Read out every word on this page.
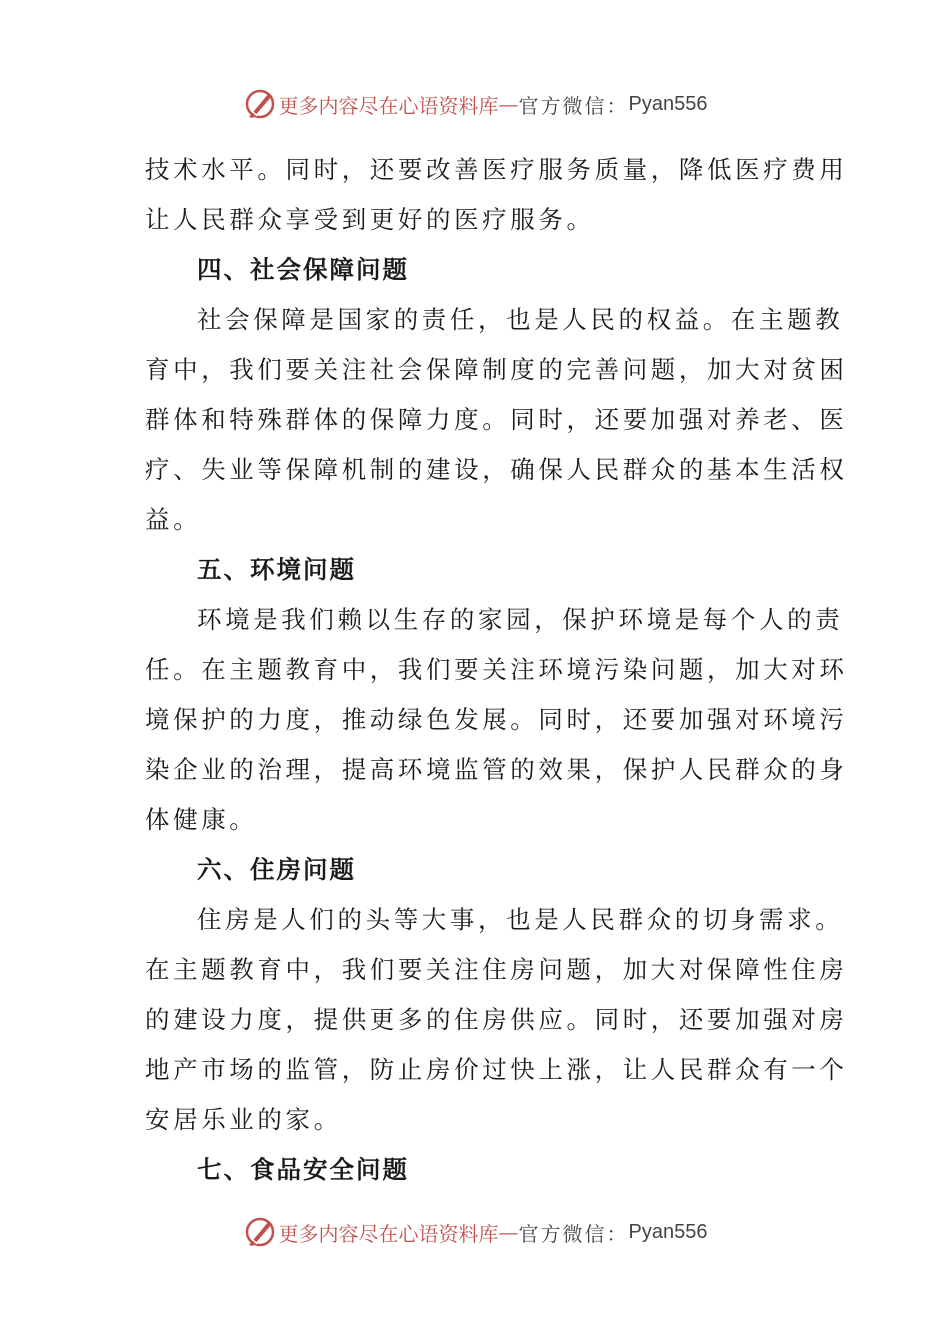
更多内容尽在心语资料库 — 官方微信： Pyan556
技术水平。同时，还要改善医疗服务质量，降低医疗费用
让人民群众享受到更好的医疗服务。
四、社会保障问题
社会保障是国家的责任，也是人民的权益。在主题教
育中，我们要关注社会保障制度的完善问题，加大对贫困
群体和特殊群体的保障力度。同时，还要加强对养老、医
疗、失业等保障机制的建设，确保人民群众的基本生活权
益。
五、环境问题
环境是我们赖以生存的家园，保护环境是每个人的责
任。在主题教育中，我们要关注环境污染问题，加大对环
境保护的力度，推动绿色发展。同时，还要加强对环境污
染企业的治理，提高环境监管的效果，保护人民群众的身
体健康。
六、住房问题
住房是人们的头等大事，也是人民群众的切身需求。
在主题教育中，我们要关注住房问题，加大对保障性住房
的建设力度，提供更多的住房供应。同时，还要加强对房
地产市场的监管，防止房价过快上涨，让人民群众有一个
安居乐业的家。
七、食品安全问题
更多内容尽在心语资料库 — 官方微信： Pyan556
